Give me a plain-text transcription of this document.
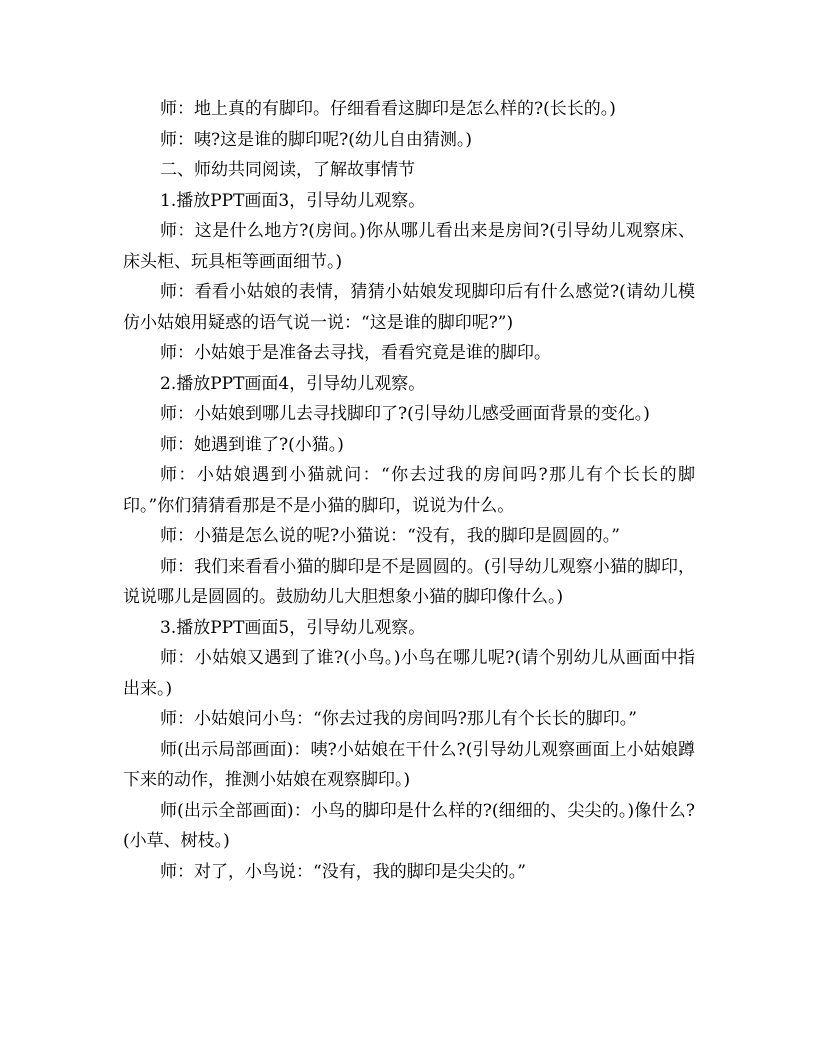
师：地上真的有脚印。仔细看看这脚印是怎么样的?(长长的。)

师：咦?这是谁的脚印呢?(幼儿自由猜测。)

二、师幼共同阅读，了解故事情节

1.播放PPT画面3，引导幼儿观察。

师：这是什么地方?(房间。)你从哪儿看出来是房间?(引导幼儿观察床、床头柜、玩具柜等画面细节。)

师：看看小姑娘的表情，猜猜小姑娘发现脚印后有什么感觉?(请幼儿模仿小姑娘用疑惑的语气说一说：“这是谁的脚印呢?”)

师：小姑娘于是准备去寻找，看看究竟是谁的脚印。

2.播放PPT画面4，引导幼儿观察。

师：小姑娘到哪儿去寻找脚印了?(引导幼儿感受画面背景的变化。)

师：她遇到谁了?(小猫。)

师：小姑娘遇到小猫就问：“你去过我的房间吗?那儿有个长长的脚印。”你们猜猜看那是不是小猫的脚印，说说为什么。

师：小猫是怎么说的呢?小猫说：“没有，我的脚印是圆圆的。”

师：我们来看看小猫的脚印是不是圆圆的。(引导幼儿观察小猫的脚印，说说哪儿是圆圆的。鼓励幼儿大胆想象小猫的脚印像什么。)

3.播放PPT画面5，引导幼儿观察。

师：小姑娘又遇到了谁?(小鸟。)小鸟在哪儿呢?(请个别幼儿从画面中指出来。)

师：小姑娘问小鸟：“你去过我的房间吗?那儿有个长长的脚印。”

师(出示局部画面)：咦?小姑娘在干什么?(引导幼儿观察画面上小姑娘蹲下来的动作，推测小姑娘在观察脚印。)

师(出示全部画面)：小鸟的脚印是什么样的?(细细的、尖尖的。)像什么?(小草、树枝。)

师：对了，小鸟说：“没有，我的脚印是尖尖的。”
